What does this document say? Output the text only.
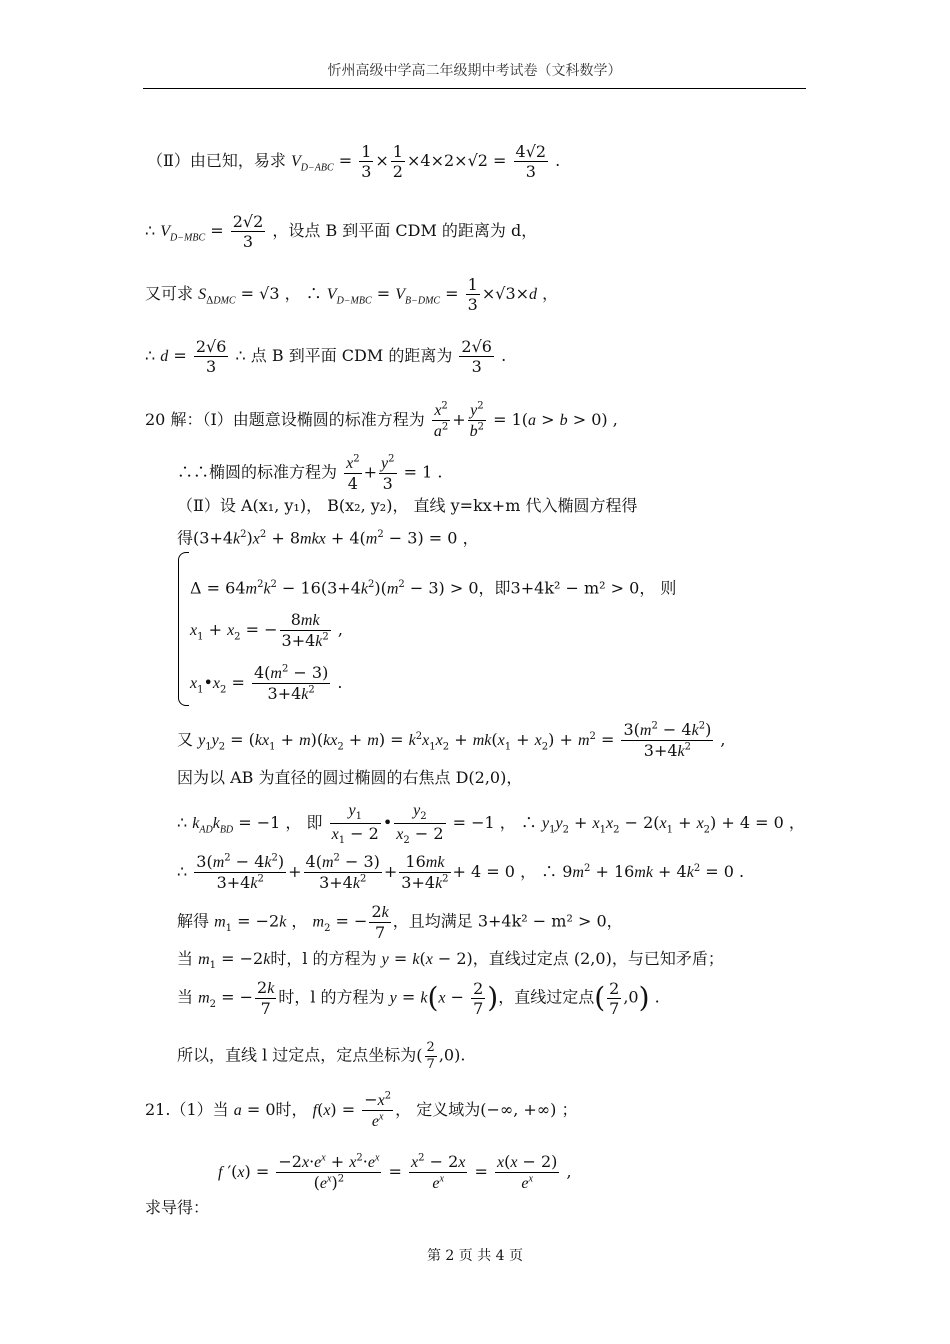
忻州高级中学高二年级期中考试卷（文科数学）
（Ⅱ）由已知，易求 $V_{D-ABC} = \frac{1}{3} \times \frac{1}{2} \times 4\times 2\times√2 = \frac{4√2}{3}$ .
∴ $V_{D-MBC} = \frac{2√2}{3}$ ，设点 B 到平面 CDM 的距离为 d，
又可求 $S_{\Delta DMC} = √3$ ， ∴ $V_{D-MBC} = V_{B-DMC} = \frac{1}{3} \times√3\times d$ ，
∴ $d = \frac{2√6}{3}$ ∴ 点 B 到平面 CDM 的距离为 $\frac{2√6}{3}$ .
20 解：（Ⅰ）由题意设椭圆的标准方程为 $\frac{x^2}{a^2} + \frac{y^2}{b^2} = 1(a > b > 0)$ ,
∴∴椭圆的标准方程为 $\frac{x^2}{4} + \frac{y^2}{3} = 1$ .
（Ⅱ）设 A(x₁, y₁)， B(x₂, y₂)， 直线 y=kx+m 代入椭圆方程得
得$(3+4k^2)x^2 + 8mkx + 4(m^2 - 3) = 0$ ，
$\Delta = 64m^2k^2 - 16(3+4k^2)(m^2 - 3) > 0$，即3+4k² − m² > 0， 则
$x_1 + x_2$ = − $\frac{8mk}{3+4k^2}$ ,
$x_1•x_2 = \frac{4(m^2 - 3)}{3+4k^2}$ .
又 $y_1y_2 = (kx_1 + m)(kx_2 + m) = k^2x_1x_2 + mk(x_1 + x_2) + m^2 = \frac{3(m^2 - 4k^2)}{3+4k^2}$ ,
因为以 AB 为直径的圆过椭圆的右焦点 D(2,0)，
∴ $k_{AD}k_{BD} = -1$ ， 即 $\frac{y_1}{x_1 - 2}$ • $\frac{y_2}{x_2 - 2} = -1$ ， ∴ $y_1y_2 + x_1x_2 - 2(x_1 + x_2) + 4 = 0$ ，
∴ $\frac{3(m^2 - 4k^2)}{3+4k^2} + \frac{4(m^2 - 3)}{3+4k^2} + \frac{16mk}{3+4k^2} + 4 = 0$ ， ∴ $9m^2 + 16mk + 4k^2 = 0$ .
解得 $m_1 = -2k$ ， $m_2$ = − $\frac{2k}{7}$ ，且均满足 3+4k² − m² > 0，
当 $m_1 = -2k$时，l 的方程为 y = k(x − 2)，直线过定点 (2,0)，与已知矛盾；
当 $m_2$ = − $\frac{2k}{7}$ 时，l 的方程为 $y = k(x - \frac{2}{7}$ )，直线过定点( $\frac{2}{7} ,0$) .
所以，直线 l 过定点，定点坐标为( $\frac{2}{7} ,0$).
21.（1）当 a = 0时， $f(x) = \frac{-x^2}{e^x}$ ， 定义域为(−∞, +∞) ；
f $'(x) = \frac{-2x\cdot e^x + x^2\cdot e^x}{(e^x)^2} = \frac{x^2 - 2x}{e^x} = \frac{x(x - 2)}{e^x}$ ,
求导得：
第 2 页 共 4 页
